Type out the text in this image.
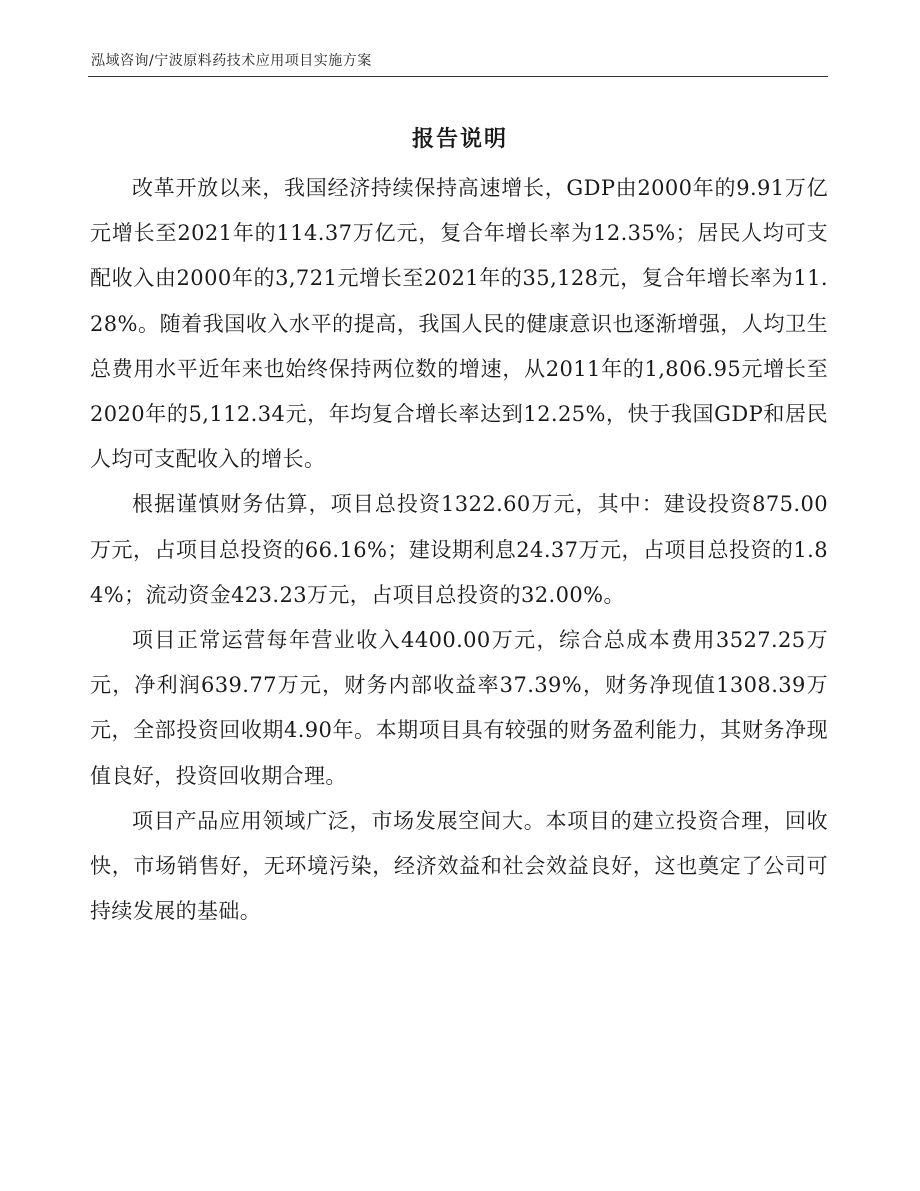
泓域咨询/宁波原料药技术应用项目实施方案
报告说明

改革开放以来，我国经济持续保持高速增长，GDP由2000年的9.91万亿元增长至2021年的114.37万亿元，复合年增长率为12.35%；居民人均可支配收入由2000年的3,721元增长至2021年的35,128元，复合年增长率为11.28%。随着我国收入水平的提高，我国人民的健康意识也逐渐增强，人均卫生总费用水平近年来也始终保持两位数的增速，从2011年的1,806.95元增长至2020年的5,112.34元，年均复合增长率达到12.25%，快于我国GDP和居民人均可支配收入的增长。

根据谨慎财务估算，项目总投资1322.60万元，其中：建设投资875.00万元，占项目总投资的66.16%；建设期利息24.37万元，占项目总投资的1.84%；流动资金423.23万元，占项目总投资的32.00%。

项目正常运营每年营业收入4400.00万元，综合总成本费用3527.25万元，净利润639.77万元，财务内部收益率37.39%，财务净现值1308.39万元，全部投资回收期4.90年。本期项目具有较强的财务盈利能力，其财务净现值良好，投资回收期合理。

项目产品应用领域广泛，市场发展空间大。本项目的建立投资合理，回收快，市场销售好，无环境污染，经济效益和社会效益良好，这也奠定了公司可持续发展的基础。
